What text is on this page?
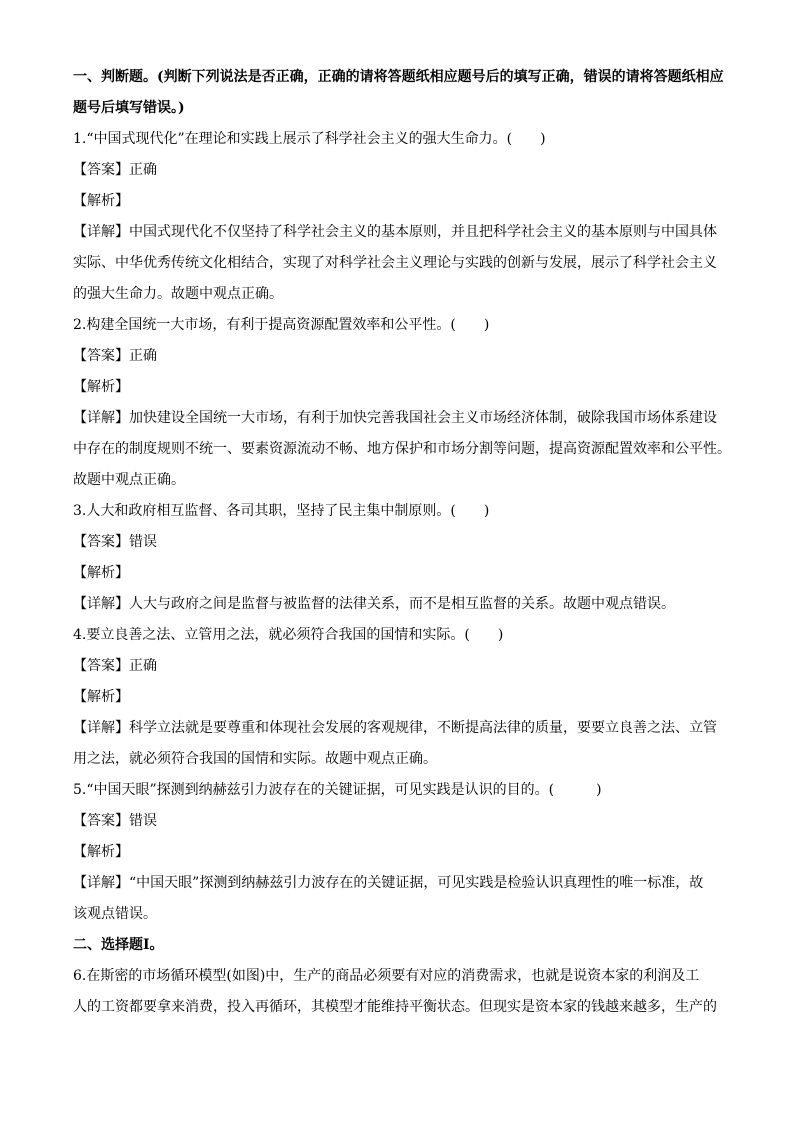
一、判断题。(判断下列说法是否正确，正确的请将答题纸相应题号后的填写正确，错误的请将答题纸相应
题号后填写错误。)
1.“中国式现代化”在理论和实践上展示了科学社会主义的强大生命力。(　　)
【答案】正确
【解析】
【详解】中国式现代化不仅坚持了科学社会主义的基本原则，并且把科学社会主义的基本原则与中国具体
实际、中华优秀传统文化相结合，实现了对科学社会主义理论与实践的创新与发展，展示了科学社会主义
的强大生命力。故题中观点正确。
2.构建全国统一大市场，有利于提高资源配置效率和公平性。(　　)
【答案】正确
【解析】
【详解】加快建设全国统一大市场，有利于加快完善我国社会主义市场经济体制，破除我国市场体系建设
中存在的制度规则不统一、要素资源流动不畅、地方保护和市场分割等问题，提高资源配置效率和公平性。
故题中观点正确。
3.人大和政府相互监督、各司其职，坚持了民主集中制原则。(　　)
【答案】错误
【解析】
【详解】人大与政府之间是监督与被监督的法律关系，而不是相互监督的关系。故题中观点错误。
4.要立良善之法、立管用之法，就必须符合我国的国情和实际。(　　)
【答案】正确
【解析】
【详解】科学立法就是要尊重和体现社会发展的客观规律，不断提高法律的质量，要要立良善之法、立管
用之法，就必须符合我国的国情和实际。故题中观点正确。
5.“中国天眼”探测到纳赫兹引力波存在的关键证据，可见实践是认识的目的。(　　　)
【答案】错误
【解析】
【详解】“中国天眼”探测到纳赫兹引力波存在的关键证据，可见实践是检验认识真理性的唯一标准，故
该观点错误。
二、选择题Ⅰ。
6.在斯密的市场循环模型(如图)中，生产的商品必须要有对应的消费需求，也就是说资本家的利润及工
人的工资都要拿来消费，投入再循环，其模型才能维持平衡状态。但现实是资本家的钱越来越多，生产的
